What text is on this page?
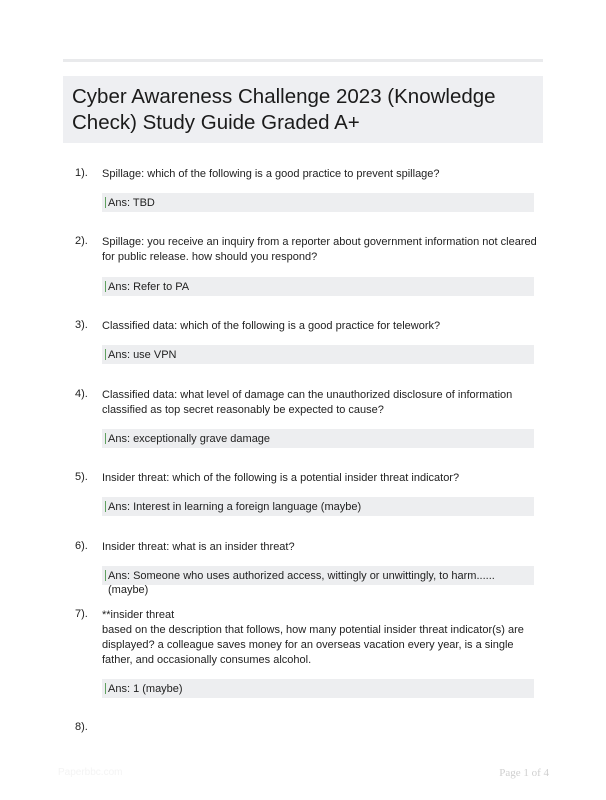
Cyber Awareness Challenge 2023 (Knowledge Check) Study Guide Graded A+
1). Spillage: which of the following is a good practice to prevent spillage?
Ans: TBD
2). Spillage: you receive an inquiry from a reporter about government information not cleared for public release. how should you respond?
Ans: Refer to PA
3). Classified data: which of the following is a good practice for telework?
Ans: use VPN
4). Classified data: what level of damage can the unauthorized disclosure of information classified as top secret reasonably be expected to cause?
Ans: exceptionally grave damage
5). Insider threat: which of the following is a potential insider threat indicator?
Ans: Interest in learning a foreign language (maybe)
6). Insider threat: what is an insider threat?
Ans: Someone who uses authorized access, wittingly or unwittingly, to harm...... (maybe)
7). **insider threat
based on the description that follows, how many potential insider threat indicator(s) are displayed? a colleague saves money for an overseas vacation every year, is a single father, and occasionally consumes alcohol.
Ans: 1 (maybe)
8).
Paperbbc.com	Page 1 of 4
